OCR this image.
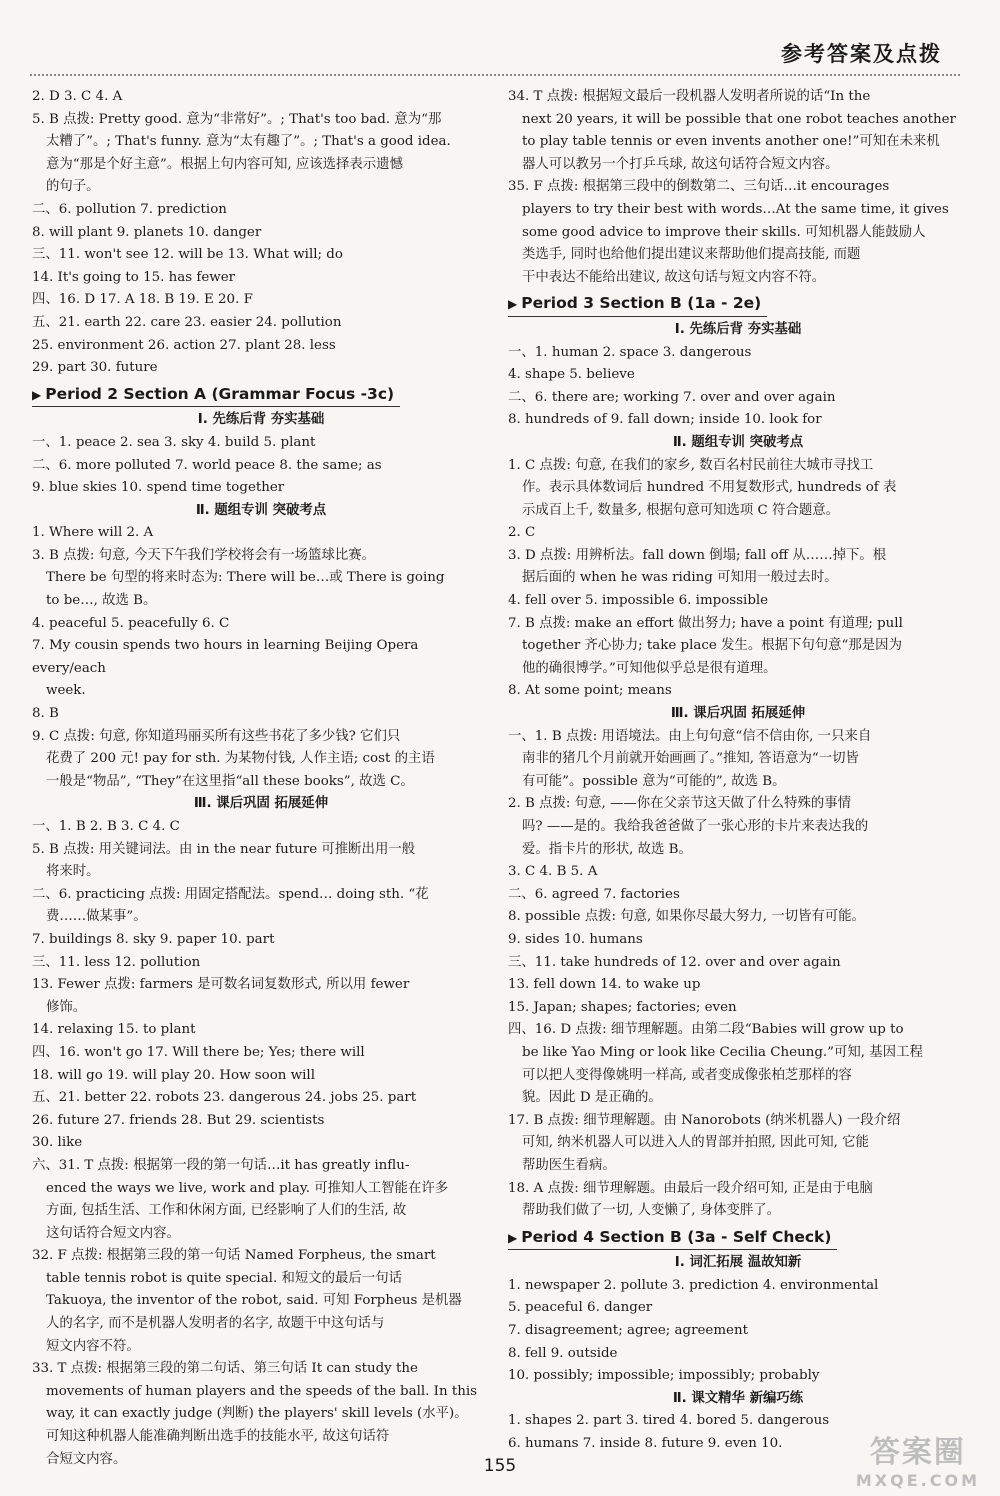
参考答案及点拨
2. D 3. C 4. A
5. B 点拨: Pretty good. 意为“非常好”。; That's too bad. 意为“那
太糟了”。; That's funny. 意为“太有趣了”。; That's a good idea.
意为“那是个好主意”。根据上句内容可知, 应该选择表示遗憾
的句子。
二、6. pollution 7. prediction
8. will plant 9. planets 10. danger
三、11. won't see 12. will be 13. What will; do
14. It's going to 15. has fewer
四、16. D 17. A 18. B 19. E 20. F
五、21. earth 22. care 23. easier 24. pollution
25. environment 26. action 27. plant 28. less
29. part 30. future
▶ Period 2 Section A (Grammar Focus -3c)
Ⅰ. 先练后背 夯实基础
一、1. peace 2. sea 3. sky 4. build 5. plant
二、6. more polluted 7. world peace 8. the same; as
9. blue skies 10. spend time together
Ⅱ. 题组专训 突破考点
1. Where will 2. A
3. B 点拨: 句意, 今天下午我们学校将会有一场篮球比赛。
There be 句型的将来时态为: There will be…或 There is going
to be…, 故选 B。
4. peaceful 5. peacefully 6. C
7. My cousin spends two hours in learning Beijing Opera every/each
week.
8. B
9. C 点拨: 句意, 你知道玛丽买所有这些书花了多少钱? 它们只
花费了 200 元! pay for sth. 为某物付钱, 人作主语; cost 的主语
一般是“物品”, “They”在这里指“all these books”, 故选 C。
Ⅲ. 课后巩固 拓展延伸
一、1. B 2. B 3. C 4. C
5. B 点拨: 用关键词法。由 in the near future 可推断出用一般
将来时。
二、6. practicing 点拨: 用固定搭配法。spend… doing sth. “花
费……做某事”。
7. buildings 8. sky 9. paper 10. part
三、11. less 12. pollution
13. Fewer 点拨: farmers 是可数名词复数形式, 所以用 fewer
修饰。
14. relaxing 15. to plant
四、16. won't go 17. Will there be; Yes; there will
18. will go 19. will play 20. How soon will
五、21. better 22. robots 23. dangerous 24. jobs 25. part
26. future 27. friends 28. But 29. scientists
30. like
六、31. T 点拨: 根据第一段的第一句话…it has greatly influ-
enced the ways we live, work and play. 可推知人工智能在许多
方面, 包括生活、工作和休闲方面, 已经影响了人们的生活, 故
这句话符合短文内容。
32. F 点拨: 根据第三段的第一句话 Named Forpheus, the smart
table tennis robot is quite special. 和短文的最后一句话
Takuoya, the inventor of the robot, said. 可知 Forpheus 是机器
人的名字, 而不是机器人发明者的名字, 故题干中这句话与
短文内容不符。
33. T 点拨: 根据第三段的第二句话、第三句话 It can study the
movements of human players and the speeds of the ball. In this
way, it can exactly judge (判断) the players' skill levels (水平)。
可知这种机器人能准确判断出选手的技能水平, 故这句话符
合短文内容。
34. T 点拨: 根据短文最后一段机器人发明者所说的话“In the
next 20 years, it will be possible that one robot teaches another
to play table tennis or even invents another one!”可知在未来机
器人可以教另一个打乒乓球, 故这句话符合短文内容。
35. F 点拨: 根据第三段中的倒数第二、三句话…it encourages
players to try their best with words…At the same time, it gives
some good advice to improve their skills. 可知机器人能鼓励人
类选手, 同时也给他们提出建议来帮助他们提高技能, 而题
干中表达不能给出建议, 故这句话与短文内容不符。
▶ Period 3 Section B (1a - 2e)
Ⅰ. 先练后背 夯实基础
一、1. human 2. space 3. dangerous
4. shape 5. believe
二、6. there are; working 7. over and over again
8. hundreds of 9. fall down; inside 10. look for
Ⅱ. 题组专训 突破考点
1. C 点拨: 句意, 在我们的家乡, 数百名村民前往大城市寻找工
作。表示具体数词后 hundred 不用复数形式, hundreds of 表
示成百上千, 数量多, 根据句意可知选项 C 符合题意。
2. C
3. D 点拨: 用辨析法。fall down 倒塌; fall off 从……掉下。根
据后面的 when he was riding 可知用一般过去时。
4. fell over 5. impossible 6. impossible
7. B 点拨: make an effort 做出努力; have a point 有道理; pull
together 齐心协力; take place 发生。根据下句句意“那是因为
他的确很博学。”可知他似乎总是很有道理。
8. At some point; means
Ⅲ. 课后巩固 拓展延伸
一、1. B 点拨: 用语境法。由上句句意“信不信由你, 一只来自
南非的猪几个月前就开始画画了。”推知, 答语意为“一切皆
有可能”。possible 意为“可能的”, 故选 B。
2. B 点拨: 句意, ——你在父亲节这天做了什么特殊的事情
吗? ——是的。我给我爸爸做了一张心形的卡片来表达我的
爱。指卡片的形状, 故选 B。
3. C 4. B 5. A
二、6. agreed 7. factories
8. possible 点拨: 句意, 如果你尽最大努力, 一切皆有可能。
9. sides 10. humans
三、11. take hundreds of 12. over and over again
13. fell down 14. to wake up
15. Japan; shapes; factories; even
四、16. D 点拨: 细节理解题。由第二段“Babies will grow up to
be like Yao Ming or look like Cecilia Cheung.”可知, 基因工程
可以把人变得像姚明一样高, 或者变成像张柏芝那样的容
貌。因此 D 是正确的。
17. B 点拨: 细节理解题。由 Nanorobots (纳米机器人) 一段介绍
可知, 纳米机器人可以进入人的胃部并拍照, 因此可知, 它能
帮助医生看病。
18. A 点拨: 细节理解题。由最后一段介绍可知, 正是由于电脑
帮助我们做了一切, 人变懒了, 身体变胖了。
▶ Period 4 Section B (3a - Self Check)
Ⅰ. 词汇拓展 温故知新
1. newspaper 2. pollute 3. prediction 4. environmental
5. peaceful 6. danger
7. disagreement; agree; agreement
8. fell 9. outside
10. possibly; impossible; impossibly; probably
Ⅱ. 课文精华 新编巧练
1. shapes 2. part 3. tired 4. bored 5. dangerous
6. humans 7. inside 8. future 9. even 10.
155	答案圈
MXQE.COM
